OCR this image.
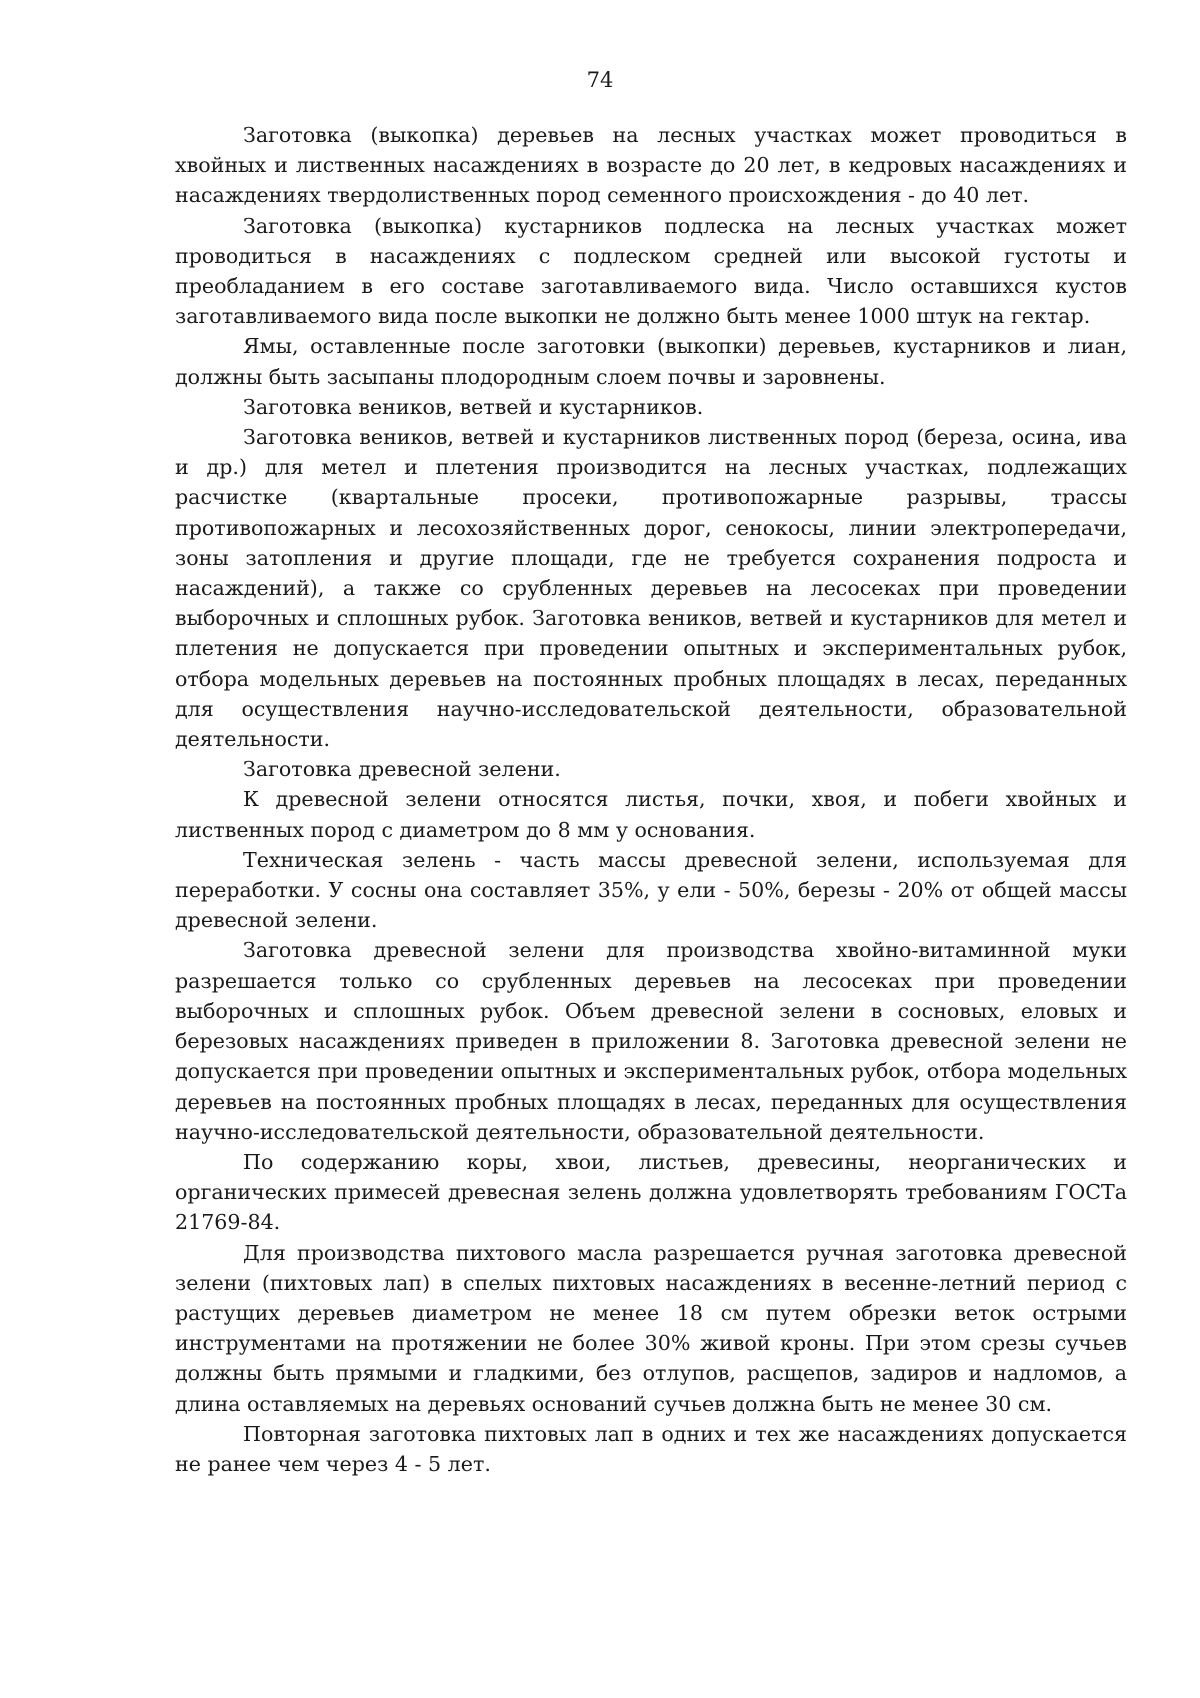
74

Заготовка (выкопка) деревьев на лесных участках может проводиться в хвойных и лиственных насаждениях в возрасте до 20 лет, в кедровых насаждениях и насаждениях твердолиственных пород семенного происхождения - до 40 лет.

Заготовка (выкопка) кустарников подлеска на лесных участках может проводиться в насаждениях с подлеском средней или высокой густоты и преобладанием в его составе заготавливаемого вида. Число оставшихся кустов заготавливаемого вида после выкопки не должно быть менее 1000 штук на гектар.

Ямы, оставленные после заготовки (выкопки) деревьев, кустарников и лиан, должны быть засыпаны плодородным слоем почвы и заровнены.

Заготовка веников, ветвей и кустарников.

Заготовка веников, ветвей и кустарников лиственных пород (береза, осина, ива и др.) для метел и плетения производится на лесных участках, подлежащих расчистке (квартальные просеки, противопожарные разрывы, трассы противопожарных и лесохозяйственных дорог, сенокосы, линии электропередачи, зоны затопления и другие площади, где не требуется сохранения подроста и насаждений), а также со срубленных деревьев на лесосеках при проведении выборочных и сплошных рубок. Заготовка веников, ветвей и кустарников для метел и плетения не допускается при проведении опытных и экспериментальных рубок, отбора модельных деревьев на постоянных пробных площадях в лесах, переданных для осуществления научно-исследовательской деятельности, образовательной деятельности.

Заготовка древесной зелени.

К древесной зелени относятся листья, почки, хвоя, и побеги хвойных и лиственных пород с диаметром до 8 мм у основания.

Техническая зелень - часть массы древесной зелени, используемая для переработки. У сосны она составляет 35%, у ели - 50%, березы - 20% от общей массы древесной зелени.

Заготовка древесной зелени для производства хвойно-витаминной муки разрешается только со срубленных деревьев на лесосеках при проведении выборочных и сплошных рубок. Объем древесной зелени в сосновых, еловых и березовых насаждениях приведен в приложении 8. Заготовка древесной зелени не допускается при проведении опытных и экспериментальных рубок, отбора модельных деревьев на постоянных пробных площадях в лесах, переданных для осуществления научно-исследовательской деятельности, образовательной деятельности.

По содержанию коры, хвои, листьев, древесины, неорганических и органических примесей древесная зелень должна удовлетворять требованиям ГОСТа 21769-84.

Для производства пихтового масла разрешается ручная заготовка древесной зелени (пихтовых лап) в спелых пихтовых насаждениях в весенне-летний период с растущих деревьев диаметром не менее 18 см путем обрезки веток острыми инструментами на протяжении не более 30% живой кроны. При этом срезы сучьев должны быть прямыми и гладкими, без отлупов, расщепов, задиров и надломов, а длина оставляемых на деревьях оснований сучьев должна быть не менее 30 см.

Повторная заготовка пихтовых лап в одних и тех же насаждениях допускается не ранее чем через 4 - 5 лет.
